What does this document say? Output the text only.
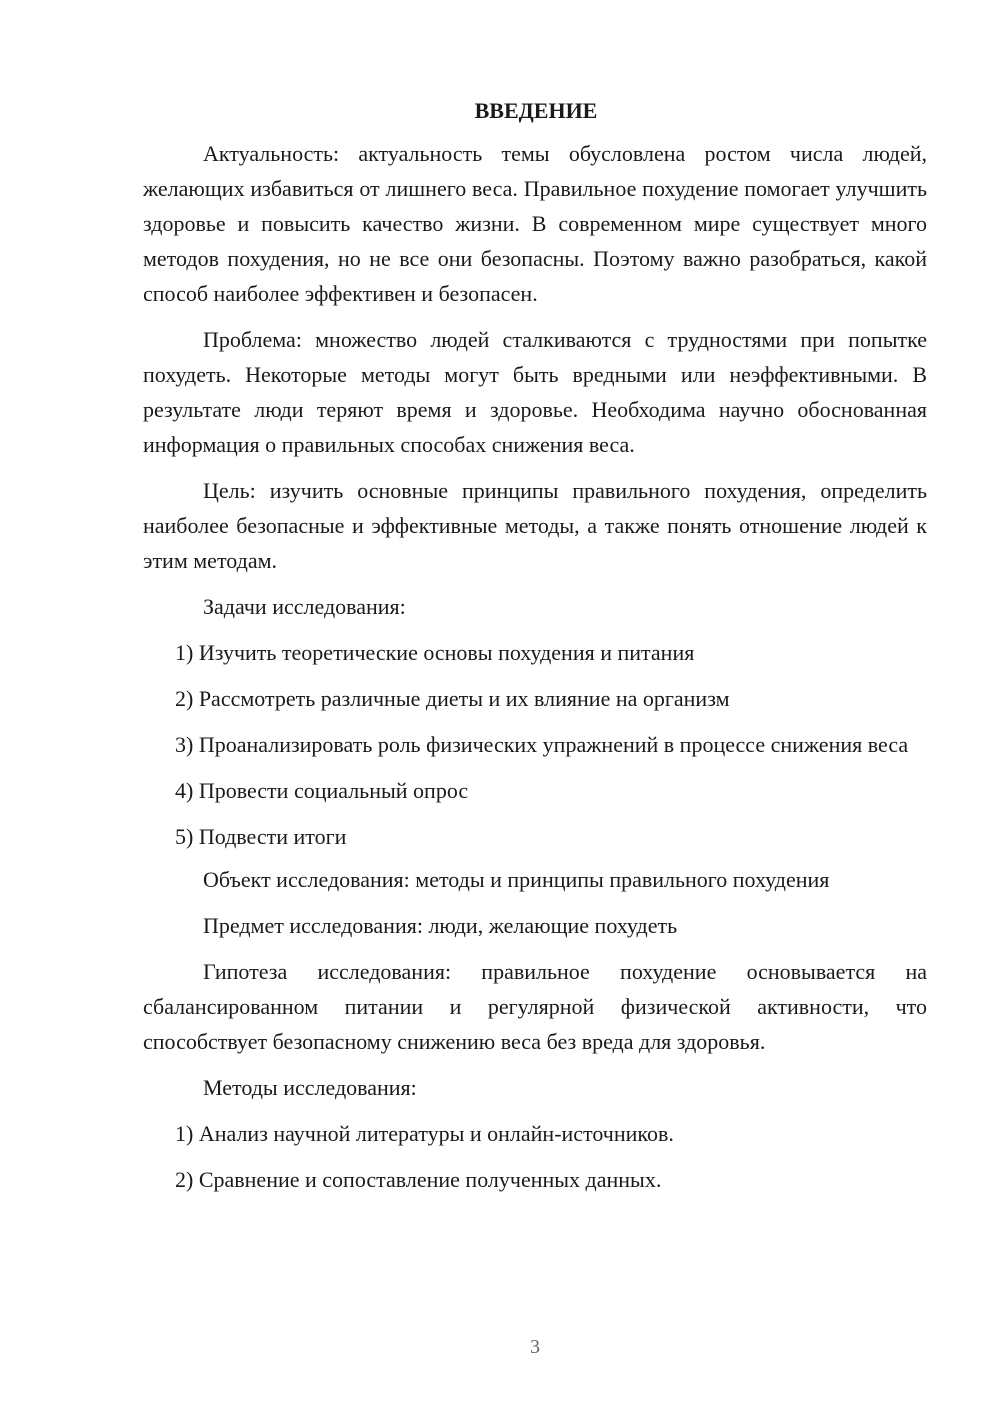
ВВЕДЕНИЕ

Актуальность: актуальность темы обусловлена ростом числа людей, желающих избавиться от лишнего веса. Правильное похудение помогает улучшить здоровье и повысить качество жизни. В современном мире существует много методов похудения, но не все они безопасны. Поэтому важно разобраться, какой способ наиболее эффективен и безопасен.

Проблема: множество людей сталкиваются с трудностями при попытке похудеть. Некоторые методы могут быть вредными или неэффективными. В результате люди теряют время и здоровье. Необходима научно обоснованная информация о правильных способах снижения веса.

Цель: изучить основные принципы правильного похудения, определить наиболее безопасные и эффективные методы, а также понять отношение людей к этим методам.

Задачи исследования:

1) Изучить теоретические основы похудения и питания

2) Рассмотреть различные диеты и их влияние на организм

3) Проанализировать роль физических упражнений в процессе снижения веса

4) Провести социальный опрос

5) Подвести итоги

Объект исследования: методы и принципы правильного похудения

Предмет исследования: люди, желающие похудеть

Гипотеза исследования: правильное похудение основывается на сбалансированном питании и регулярной физической активности, что способствует безопасному снижению веса без вреда для здоровья.

Методы исследования:

1) Анализ научной литературы и онлайн-источников.

2) Сравнение и сопоставление полученных данных.

3
